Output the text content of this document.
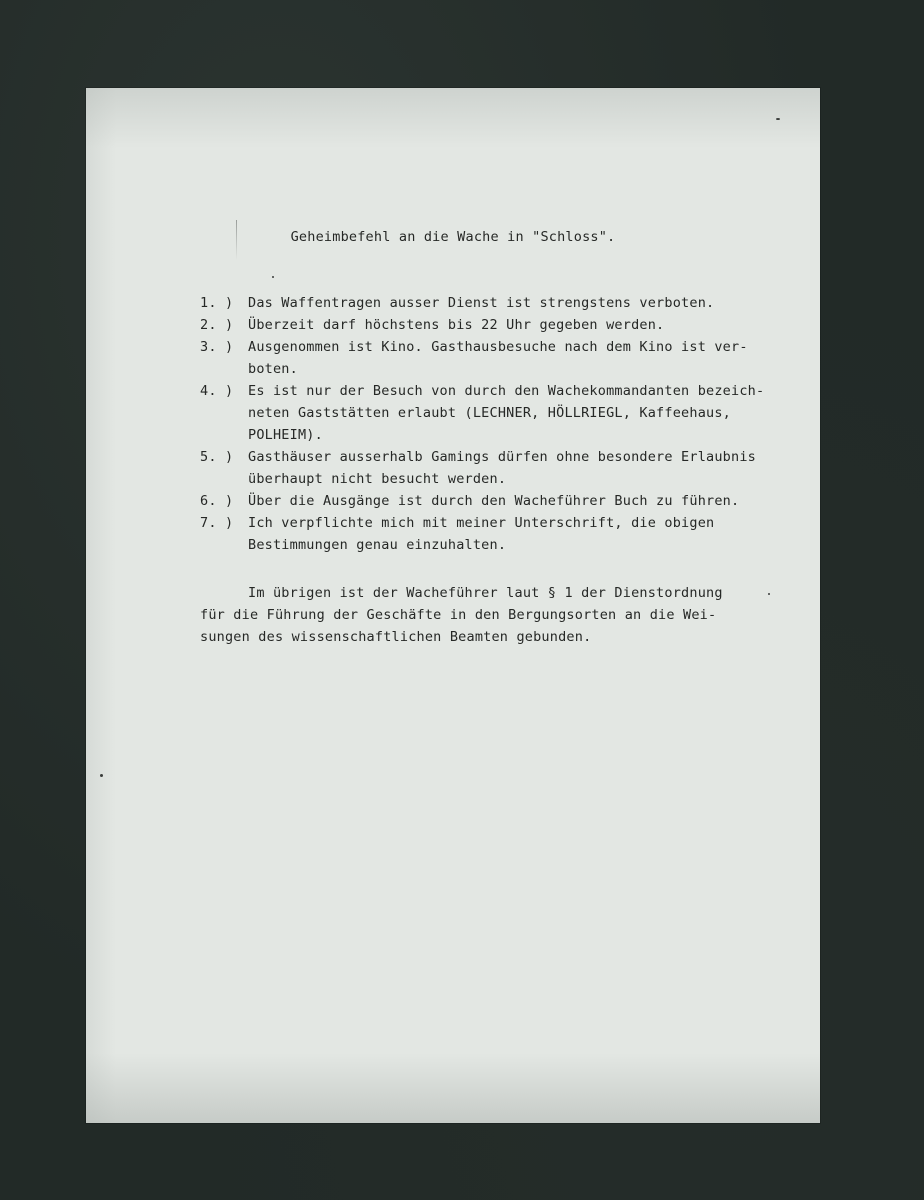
Geheimbefehl an die Wache in "Schloss".
1. )	Das Waffentragen ausser Dienst ist strengstens verboten.
2. )	Überzeit darf höchstens bis 22 Uhr gegeben werden.
3. )	Ausgenommen ist Kino. Gasthausbesuche nach dem Kino ist ver-
boten.
4. )	Es ist nur der Besuch von durch den Wachekommandanten bezeich-
neten Gaststätten erlaubt (LECHNER, HÖLLRIEGL, Kaffeehaus,
POLHEIM).
5. )	Gasthäuser ausserhalb Gamings dürfen ohne besondere Erlaubnis
überhaupt nicht besucht werden.
6. )	Über die Ausgänge ist durch den Wacheführer Buch zu führen.
7. )	Ich verpflichte mich mit meiner Unterschrift, die obigen
Bestimmungen genau einzuhalten.
Im übrigen ist der Wacheführer laut § 1 der Dienstordnung
für die Führung der Geschäfte in den Bergungsorten an die Wei-
sungen des wissenschaftlichen Beamten gebunden.
